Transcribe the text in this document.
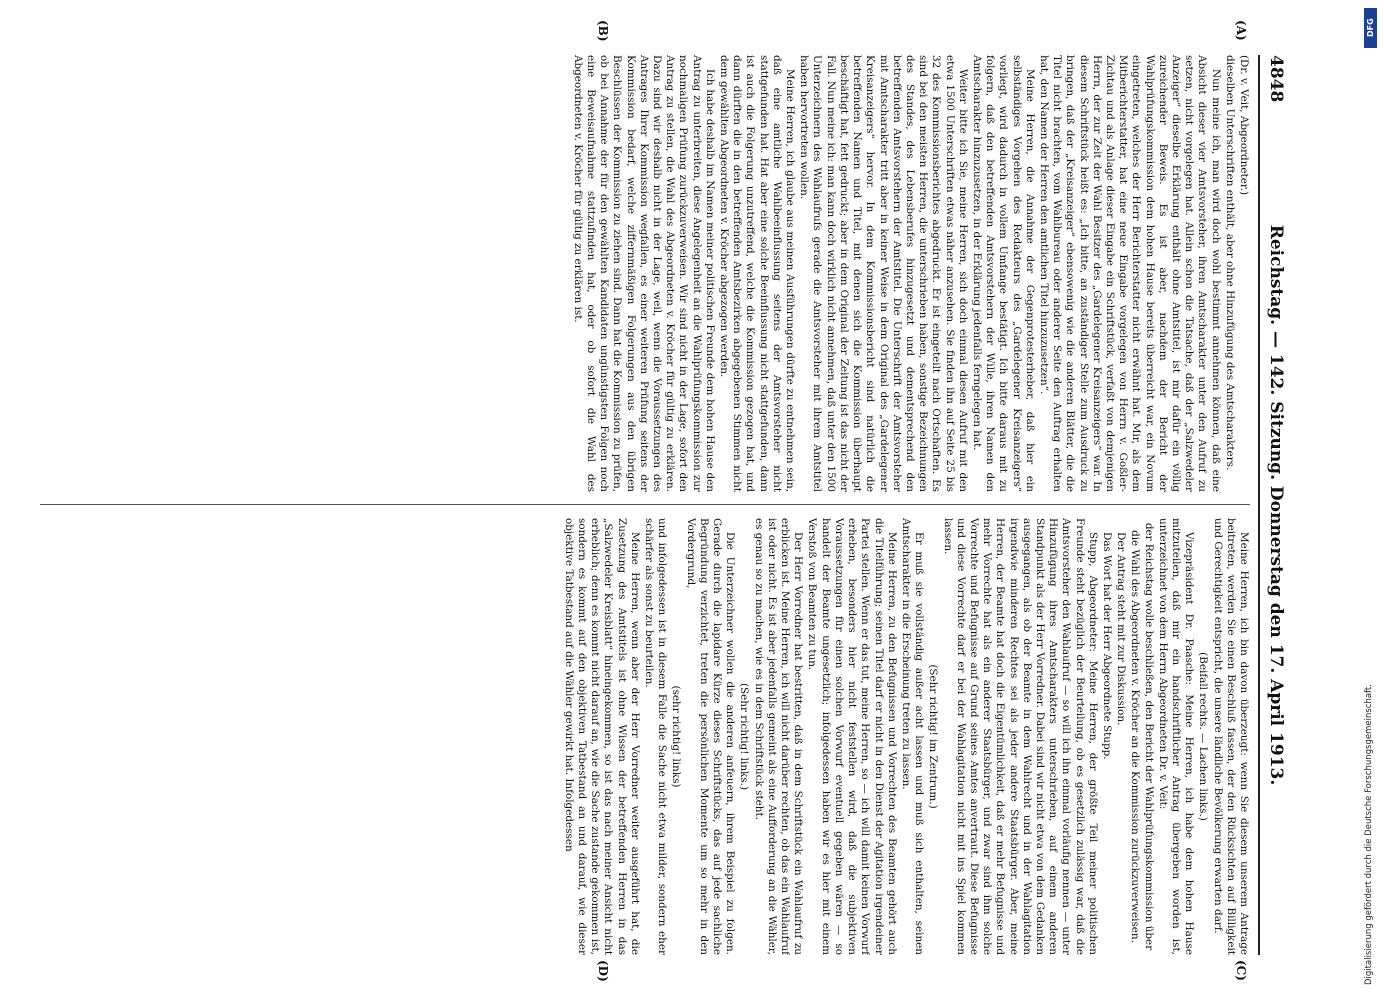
4848
Reichstag. — 142. Sitzung. Donnerstag den 17. April 1913.
(A)
(B)
(C)
(D)

(Dr. v. Veit, Abgeordneter.)

dieselben Unterschriften enthält, aber ohne Hinzufügung des Amtscharakters.

Nun meine ich, man wird doch wohl bestimmt annehmen können, daß eine Absicht dieser vier Amtsvorsteher, ihren Amtscharakter unter den Aufruf zu setzen, nicht vorgelegen hat. Allein schon die Tatsache, daß der „Salzwedeler Anzeiger“ dieselbe Erklärung enthält ohne Amtstitel, ist mir dafür ein völlig zureichender Beweis. Es ist aber, nachdem der Bericht der Wahlprüfungskommission dem hohen Hause bereits überreicht war, ein Novum eingetreten, welches der Herr Berichterstatter nicht erwähnt hat. Mir, als dem Mitberichterstatter, hat eine neue Eingabe vorgelegen von Herrn v. Goßler-Zichtau und als Anlage dieser Eingabe ein Schriftstück, verfaßt von demjenigen Herrn, der zur Zeit der Wahl Besitzer des „Gardelegener Kreisanzeigers“ war. In diesem Schriftstück heißt es: „Ich bitte, an zuständiger Stelle zum Ausdruck zu bringen, daß der „Kreisanzeiger“ ebensowenig wie die anderen Blätter, die die Titel nicht brachten, vom Wahlbureau oder anderer Seite den Auftrag erhalten hat, den Namen der Herren den amtlichen Titel hinzuzusetzen“.

Meine Herren, die Annahme der Gegenprotesterheber, daß hier ein selbständiges Vorgehen des Redakteurs des „Gardelegener Kreisanzeigers“ vorliegt, wird dadurch in vollem Umfange bestätigt. Ich bitte daraus mit zu folgern, daß den betreffenden Amtsvorstehern der Wille, ihren Namen den Amtscharakter hinzuzusetzen, in der Erklärung jedenfalls ferngelegen hat.

Weiter bitte ich Sie, meine Herren, sich doch einmal diesen Aufruf mit den etwa 1500 Unterschriften etwas näher anzusehen. Sie finden ihn auf Seite 25 bis 32 des Kommissionsberichtes abgedruckt. Er ist eingeteilt nach Ortschaften. Es sind bei den meisten Herren, die unterschrieben haben, sonstige Bezeichnungen des Standes, des Lebensberufes hinzugesetzt und dementsprechend den betreffenden Amtsvorstehern der Amtstitel. Die Unterschrift der Amtsvorsteher mit Amtscharakter tritt aber in keiner Weise in dem Original des „Gardelegener Kreisanzeigers“ hervor. In dem Kommissionsbericht sind natürlich die betreffenden Namen und Titel, mit denen sich die Kommission überhaupt beschäftigt hat, fett gedruckt; aber in dem Original der Zeitung ist das nicht der Fall. Nun meine ich: man kann doch wirklich nicht annehmen, daß unter den 1500 Unterzeichnern des Wahlaufrufs gerade die Amtsvorsteher mit ihrem Amtstitel haben hervortreten wollen.

Meine Herren, ich glaube aus meinen Ausführungen dürfte zu entnehmen sein, daß eine amtliche Wahlbeeinflussung seitens der Amtsvorsteher nicht stattgefunden hat. Hat aber eine solche Beeinflussung nicht stattgefunden, dann ist auch die Folgerung unzutreffend, welche die Kommission gezogen hat, und dann dürften die in den betreffenden Amtsbezirken abgegebenen Stimmen nicht dem gewählten Abgeordneten v. Kröcher abgezogen werden.

Ich habe deshalb im Namen meiner politischen Freunde dem hohen Hause den Antrag zu unterbreiten, diese Angelegenheit an die Wahlprüfungskommission zur nochmaligen Prüfung zurückzuverweisen. Wir sind nicht in der Lage, sofort den Antrag zu stellen, die Wahl des Abgeordneten v. Kröcher für gültig zu erklären. Dazu sind wir deshalb nicht in der Lage, weil, wenn die Voraussetzungen des Antrages Ihrer Kommission wegfallen, es einer weiteren Prüfung seitens der Kommission bedarf, welche ziffernmäßigen Folgerungen aus den übrigen Beschlüssen der Kommission zu ziehen sind. Dann hat die Kommission zu prüfen, ob bei Annahme der für den gewählten Kandidaten ungünstigsten Folgen noch eine Beweisaufnahme stattzufinden hat, oder ob sofort die Wahl des Abgeordneten v. Kröcher für gültig zu erklären ist.

Meine Herren, ich bin davon überzeugt: wenn Sie diesem unserem Antrage beitreten, werden Sie einen Beschluß fassen, der den Rücksichten auf Billigkeit und Gerechtigkeit entspricht, die unsere ländliche Bevölkerung erwarten darf.

(Beifall rechts. — Lachen links.)

Vizepräsident Dr. Paasche: Meine Herren, ich habe dem hohen Hause mitzuteilen, daß mir ein handschriftlicher Antrag übergeben worden ist, unterzeichnet von dem Herrn Abgeordneten Dr. v. Veit:

der Reichstag wolle beschließen, den Bericht der Wahlprüfungskommission über die Wahl des Abgeordneten v. Kröcher an die Kommission zurückzuverweisen.

Der Antrag steht mit zur Diskussion.

Das Wort hat der Herr Abgeordnete Stupp.

Stupp, Abgeordneter: Meine Herren, der größte Teil meiner politischen Freunde steht bezüglich der Beurteilung, ob es gesetzlich zulässig war, daß die Amtsvorsteher den Wahlaufruf — so will ich ihn einmal vorläufig nennen — unter Hinzufügung ihres Amtscharakters unterschrieben, auf einem anderen Standpunkt als der Herr Vorredner. Dabei sind wir nicht etwa von dem Gedanken ausgegangen, als ob der Beamte in dem Wahlrecht und in der Wahlagitation irgendwie minderen Rechtes sei als jeder andere Staatsbürger. Aber, meine Herren, der Beamte hat doch die Eigentümlichkeit, daß er mehr Befugnisse und mehr Vorrechte hat als ein anderer Staatsbürger, und zwar sind ihm solche Vorrechte und Befugnisse auf Grund seines Amtes anvertraut. Diese Befugnisse und diese Vorrechte darf er bei der Wahlagitation nicht mit ins Spiel kommen lassen.

(Sehr richtig! im Zentrum.)

Er muß sie vollständig außer acht lassen und muß sich enthalten, seinen Amtscharakter in die Erscheinung treten zu lassen.

Meine Herren, zu den Befugnissen und Vorrechten des Beamten gehört auch die Titelführung; seinen Titel darf er nicht in den Dienst der Agitation irgendeiner Partei stellen. Wenn er das tut, meine Herren, so — ich will damit keinen Vorwurf erheben, besonders hier nicht feststellen wird, daß die subjektiven Voraussetzungen für einen solchen Vorwurf eventuell gegeben wären — so handelt der Beamte ungesetzlich; infolgedessen haben wir es hier mit einem Verstoß von Beamten zu tun.

Der Herr Vorredner hat bestritten, daß in dem Schriftstück ein Wahlaufruf zu erblicken ist. Meine Herren, ich will nicht darüber rechten, ob das ein Wahlaufruf ist oder nicht. Es ist aber jedenfalls gemeint als eine Aufforderung an die Wähler, es genau so zu machen, wie es in dem Schriftstück steht.

(Sehr richtig! links.)

Die Unterzeichner wollen die anderen anfeuern, ihrem Beispiel zu folgen. Gerade durch die lapidare Kürze dieses Schriftstücks, das auf jede sachliche Begründung verzichtet, treten die persönlichen Momente um so mehr in den Vordergrund,

(sehr richtig! links)

und infolgedessen ist in diesem Falle die Sache nicht etwa milder, sondern eher schärfer als sonst zu beurteilen.

Meine Herren, wenn aber der Herr Vorredner weiter ausgeführt hat, die Zusetzung des Amtstitels ist ohne Wissen der betreffenden Herren in das „Salzwedeler Kreisblatt“ hineingekommen, so ist das nach meiner Ansicht nicht erheblich; denn es kommt nicht darauf an, wie die Sache zustande gekommen ist, sondern es kommt auf den objektiven Tatbestand an und darauf, wie dieser objektive Tatbestand auf die Wähler gewirkt hat. Infolgedessen

DFG
Digitalisierung gefördert durch die Deutsche Forschungsgemeinschaft.
